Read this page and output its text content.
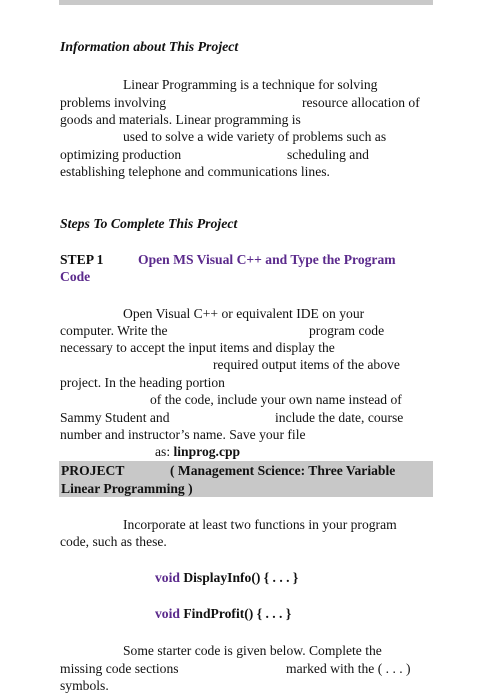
Information about This Project
Linear Programming is a technique for solving
problems involving	resource allocation of
goods and materials. Linear programming is
used to solve a wide variety of problems such as
optimizing production	scheduling and
establishing telephone and communications lines.
Steps To Complete This Project
STEP 1	Open MS Visual C++ and Type the Program
Code
Open Visual C++ or equivalent IDE on your
computer. Write the	program code
necessary to accept the input items and display the
required output items of the above
project. In the heading portion
of the code, include your own name instead of
Sammy Student and	include the date, course
number and instructor’s name. Save your file
as: linprog.cpp
PROJECT	( Management Science: Three Variable
Linear Programming )
Incorporate at least two functions in your program
code, such as these.
void DisplayInfo() { . . . }
void FindProfit() { . . . }
Some starter code is given below. Complete the
missing code sections	marked with the ( . . . )
symbols.
